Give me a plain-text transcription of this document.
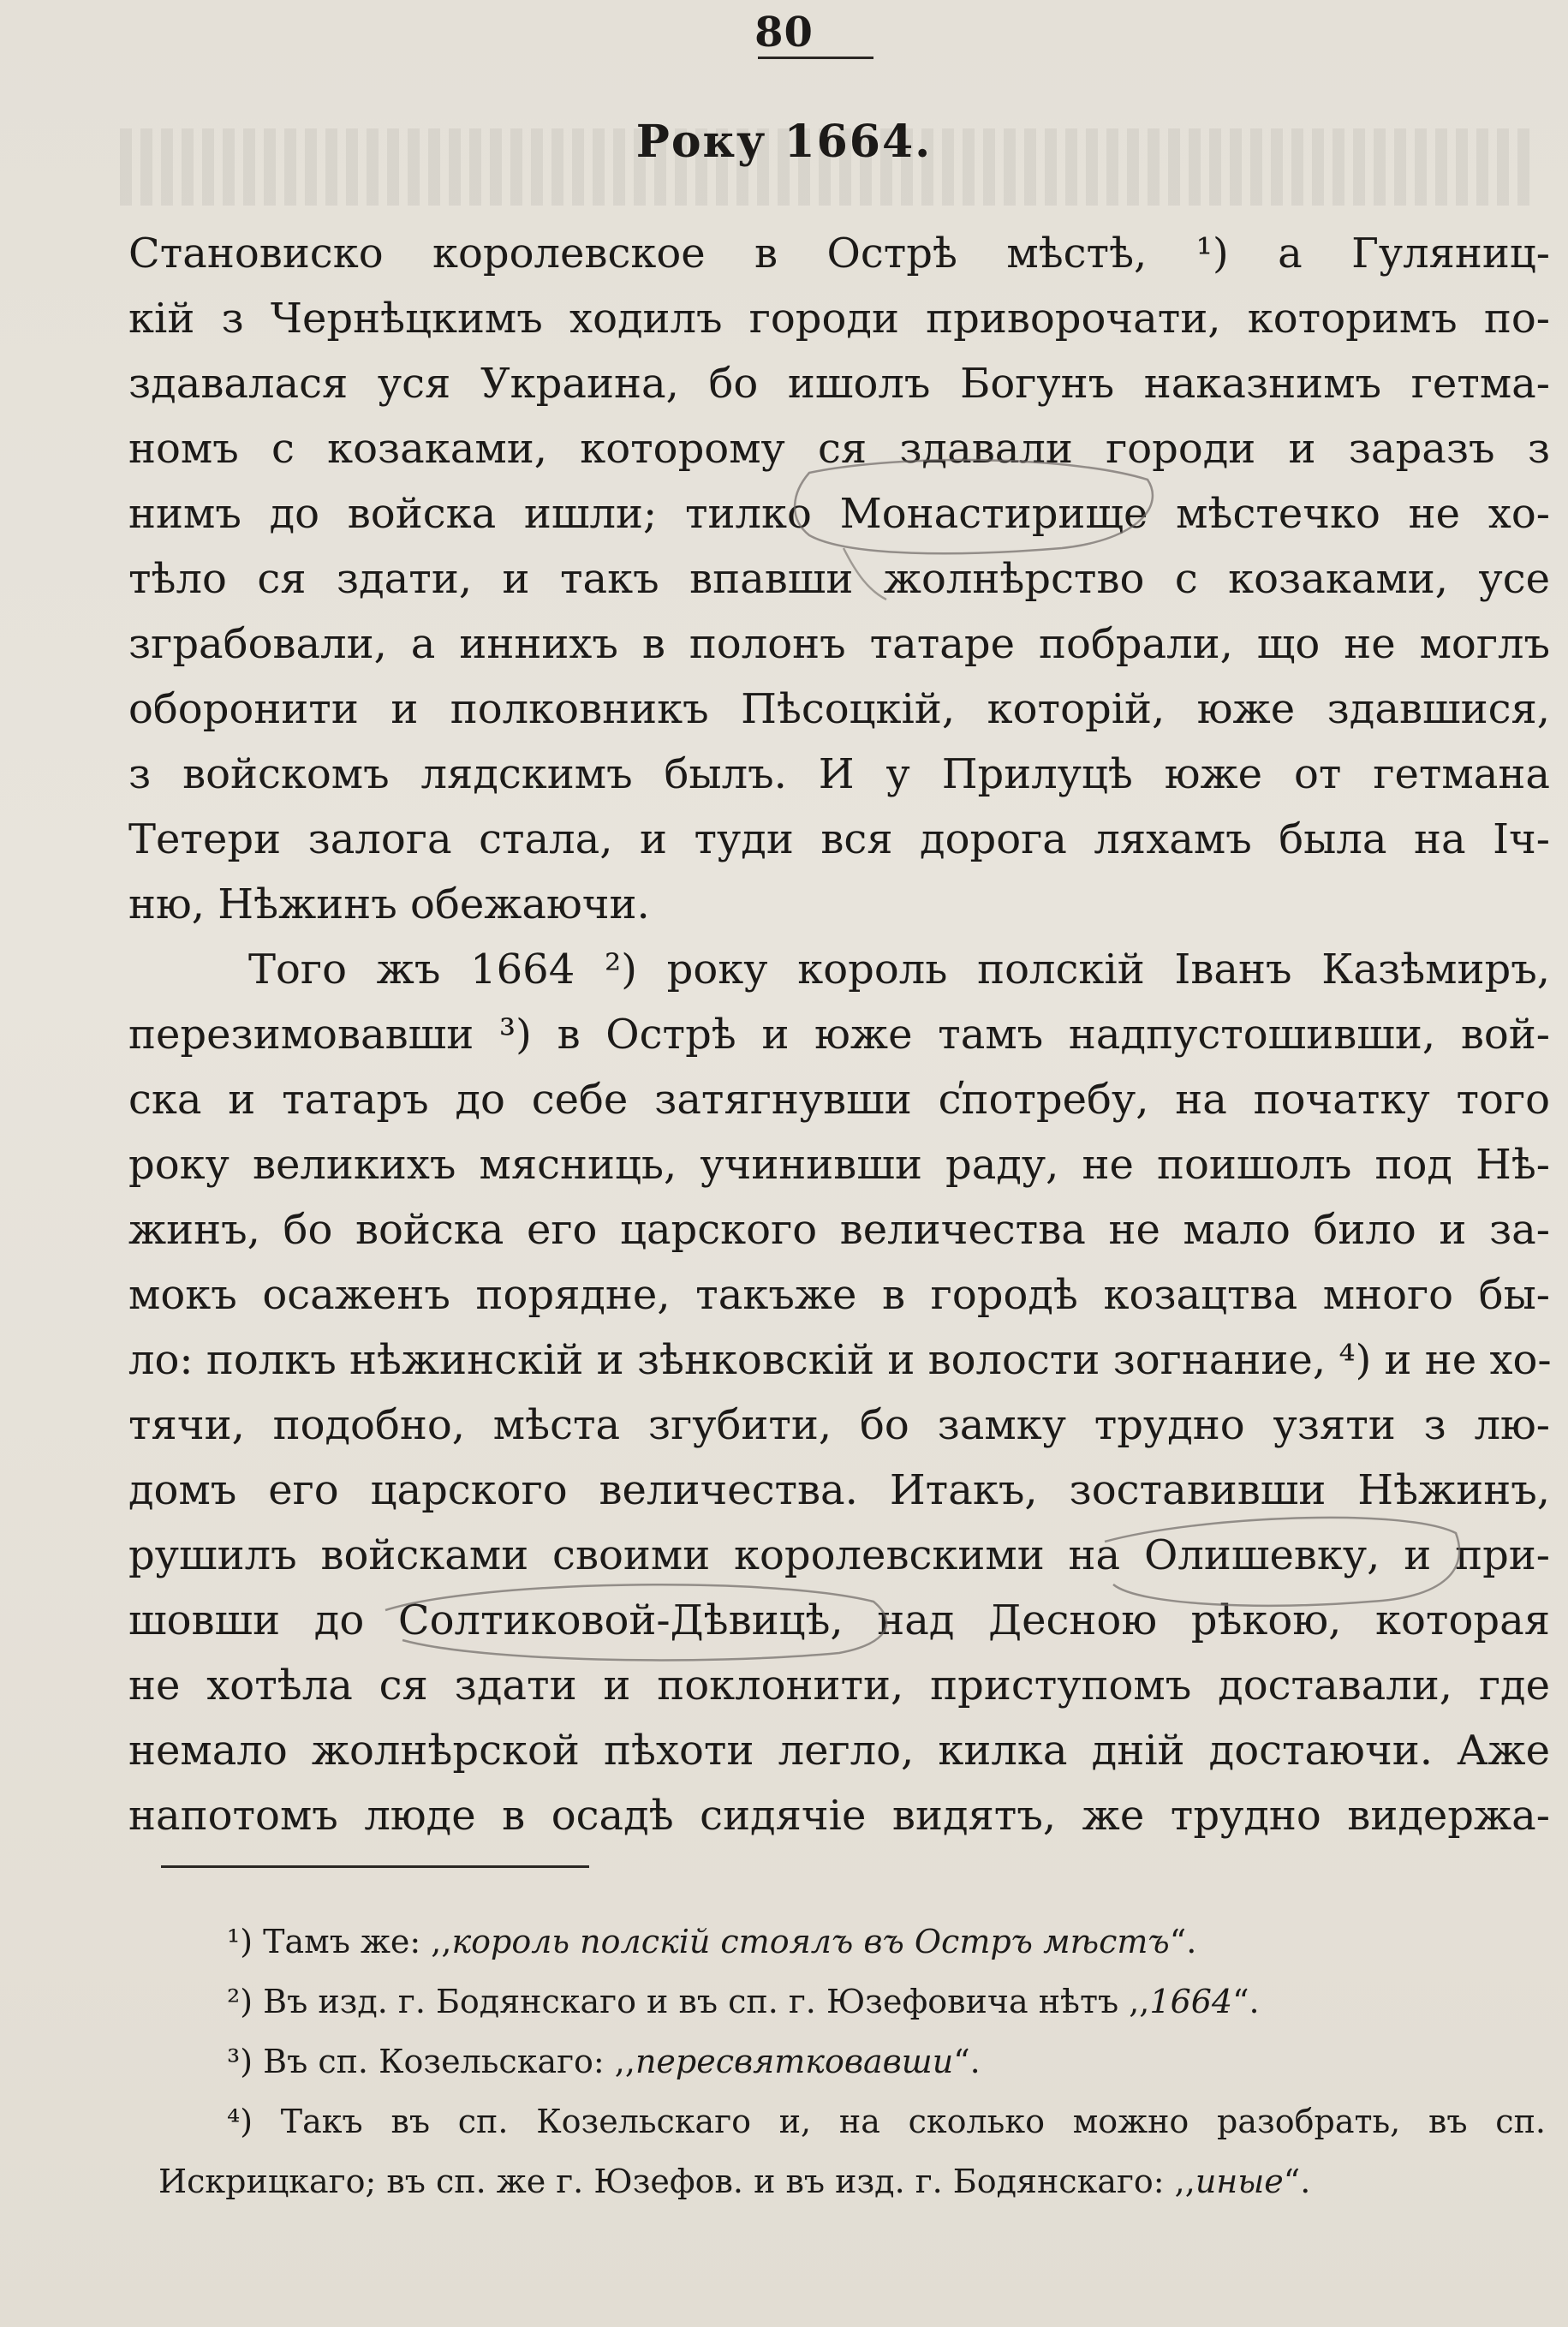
80
Року 1664.
Становиско королевское в Острѣ мѣстѣ, ¹) а Гуляниц-
кій з Чернѣцкимъ ходилъ городи приворочати, которимъ по-
здавалася уся Украина, бо ишолъ Богунъ наказнимъ гетма-
номъ с козаками, которому ся здавали городи и заразъ з
нимъ до войска ишли; тилко Монастирище мѣстечко не хо-
тѣло ся здати, и такъ впавши жолнѣрство с козаками, усе
зграбовали, а иннихъ в полонъ татаре побрали, що не моглъ
оборонити и полковникъ Пѣсоцкій, которій, юже здавшися,
з войскомъ лядскимъ былъ. И у Прилуцѣ юже от гетмана
Тетери залога стала, и туди вся дорога ляхамъ была на Іч-
ню, Нѣжинъ обежаючи.
Того жъ 1664 ²) року король полскій Іванъ Казѣмиръ,
перезимовавши ³) в Острѣ и юже тамъ надпустошивши, вой-
ска и татаръ до себе затягнувши с̕потребу, на початку того
року великихъ мясниць, учинивши раду, не поишолъ под Нѣ-
жинъ, бо войска его царского величества не мало било и за-
мокъ осаженъ порядне, такъже в городѣ козацтва много бы-
ло: полкъ нѣжинскій и зѣнковскій и волости зогнание, ⁴) и не хо-
тячи, подобно, мѣста згубити, бо замку трудно узяти з лю-
домъ его царского величества. Итакъ, зоставивши Нѣжинъ,
рушилъ войсками своими королевскими на Олишевку, и при-
шовши до Солтиковой-Дѣвицѣ, над Десною рѣкою, которая
не хотѣла ся здати и поклонити, приступомъ доставали, где
немало жолнѣрской пѣхоти легло, килка дній достаючи. Аже
напотомъ люде в осадѣ сидячіе видятъ, же трудно видержа-
¹) Тамъ же: ,,король полскій стоялъ въ Остръ мѣстъ“.
²) Въ изд. г. Бодянскаго и въ сп. г. Юзефовича нѣтъ ,,1664“.
³) Въ сп. Козельскаго: ,,пересвятковавши“.
⁴) Такъ въ сп. Козельскаго и, на сколько можно разобрать, въ сп.
Искрицкаго; въ сп. же г. Юзефов. и въ изд. г. Бодянскаго: ,,иные“.
